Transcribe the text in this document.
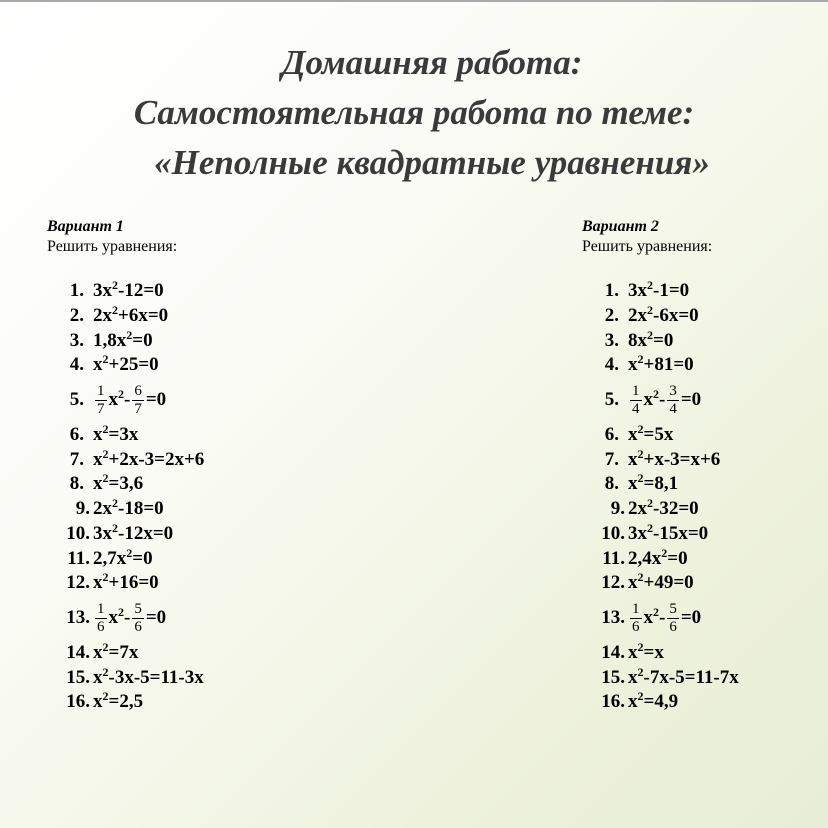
Домашняя работа:
Самостоятельная работа по теме:
«Неполные квадратные уравнения»
Вариант 1
Решить уравнения:
1. $3x^2-12=0$
2. $2x^2+6x=0$
3. $1,8x^2=0$
4. $x^2+25=0$
5. $\frac{1}{7} x^2- \frac{6}{7} =0$
6. $x^2=3x$
7. $x^2+2x-3=2x+6$
8. $x^2=3,6$
9. $2x^2-18=0$
10. $3x^2-12x=0$
11. $2,7x^2=0$
12. $x^2+16=0$
13. $\frac{1}{6} x^2- \frac{5}{6} =0$
14. $x^2=7x$
15. $x^2-3x-5=11-3x$
16. $x^2=2,5$
Вариант 2
Решить уравнения:
1. $3x^2-1=0$
2. $2x^2-6x=0$
3. $8x^2=0$
4. $x^2+81=0$
5. $\frac{1}{4} x^2- \frac{3}{4} =0$
6. $x^2=5x$
7. $x^2+x-3=x+6$
8. $x^2=8,1$
9. $2x^2-32=0$
10. $3x^2-15x=0$
11. $2,4x^2=0$
12. $x^2+49=0$
13. $\frac{1}{6} x^2- \frac{5}{6} =0$
14. $x^2=x$
15. $x^2-7x-5=11-7x$
16. $x^2=4,9$
